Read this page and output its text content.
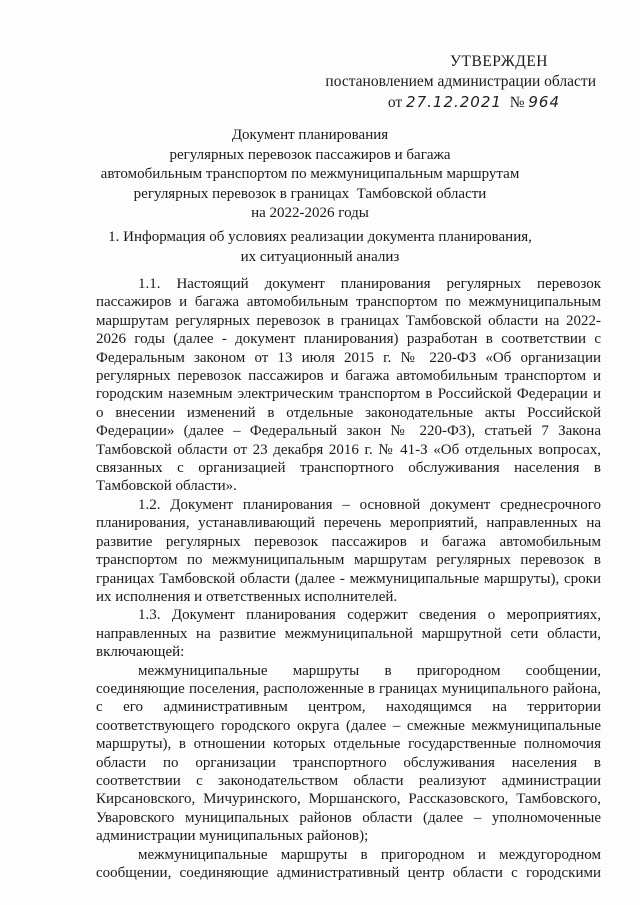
УТВЕРЖДЕН
постановлением администрации области
от 27.12.2021 № 964
Документ планирования
регулярных перевозок пассажиров и багажа
автомобильным транспортом по межмуниципальным маршрутам
регулярных перевозок в границах  Тамбовской области
на 2022-2026 годы
1. Информация об условиях реализации документа планирования,
их ситуационный анализ

1.1. Настоящий документ планирования регулярных перевозок пассажиров и багажа автомобильным транспортом по межмуниципальным маршрутам регулярных перевозок в границах Тамбовской области на 2022-2026 годы (далее - документ планирования) разработан в соответствии с Федеральным законом от 13 июля 2015 г. № 220-ФЗ «Об организации регулярных перевозок пассажиров и багажа автомобильным транспортом и городским наземным электрическим транспортом в Российской Федерации и о внесении изменений в отдельные законодательные акты Российской Федерации» (далее – Федеральный закон № 220-ФЗ), статьей 7 Закона Тамбовской области от 23 декабря 2016 г. № 41-З «Об отдельных вопросах, связанных с организацией транспортного обслуживания населения в Тамбовской области».

1.2. Документ планирования – основной документ среднесрочного планирования, устанавливающий перечень мероприятий, направленных на развитие регулярных перевозок пассажиров и багажа автомобильным транспортом по межмуниципальным маршрутам регулярных перевозок в границах Тамбовской области (далее - межмуниципальные маршруты), сроки их исполнения и ответственных исполнителей.

1.3. Документ планирования содержит сведения о мероприятиях, направленных на развитие межмуниципальной маршрутной сети области, включающей:

межмуниципальные маршруты в пригородном сообщении, соединяющие поселения, расположенные в границах муниципального района, с его административным центром, находящимся на территории соответствующего городского округа (далее – смежные межмуниципальные маршруты), в отношении которых отдельные государственные полномочия области по организации транспортного обслуживания населения в соответствии с законодательством области реализуют администрации Кирсановского, Мичуринского, Моршанского, Рассказовского, Тамбовского, Уваровского муниципальных районов области (далее – уполномоченные администрации муниципальных районов);

межмуниципальные маршруты в пригородном и междугородном сообщении, соединяющие административный центр области с городскими
